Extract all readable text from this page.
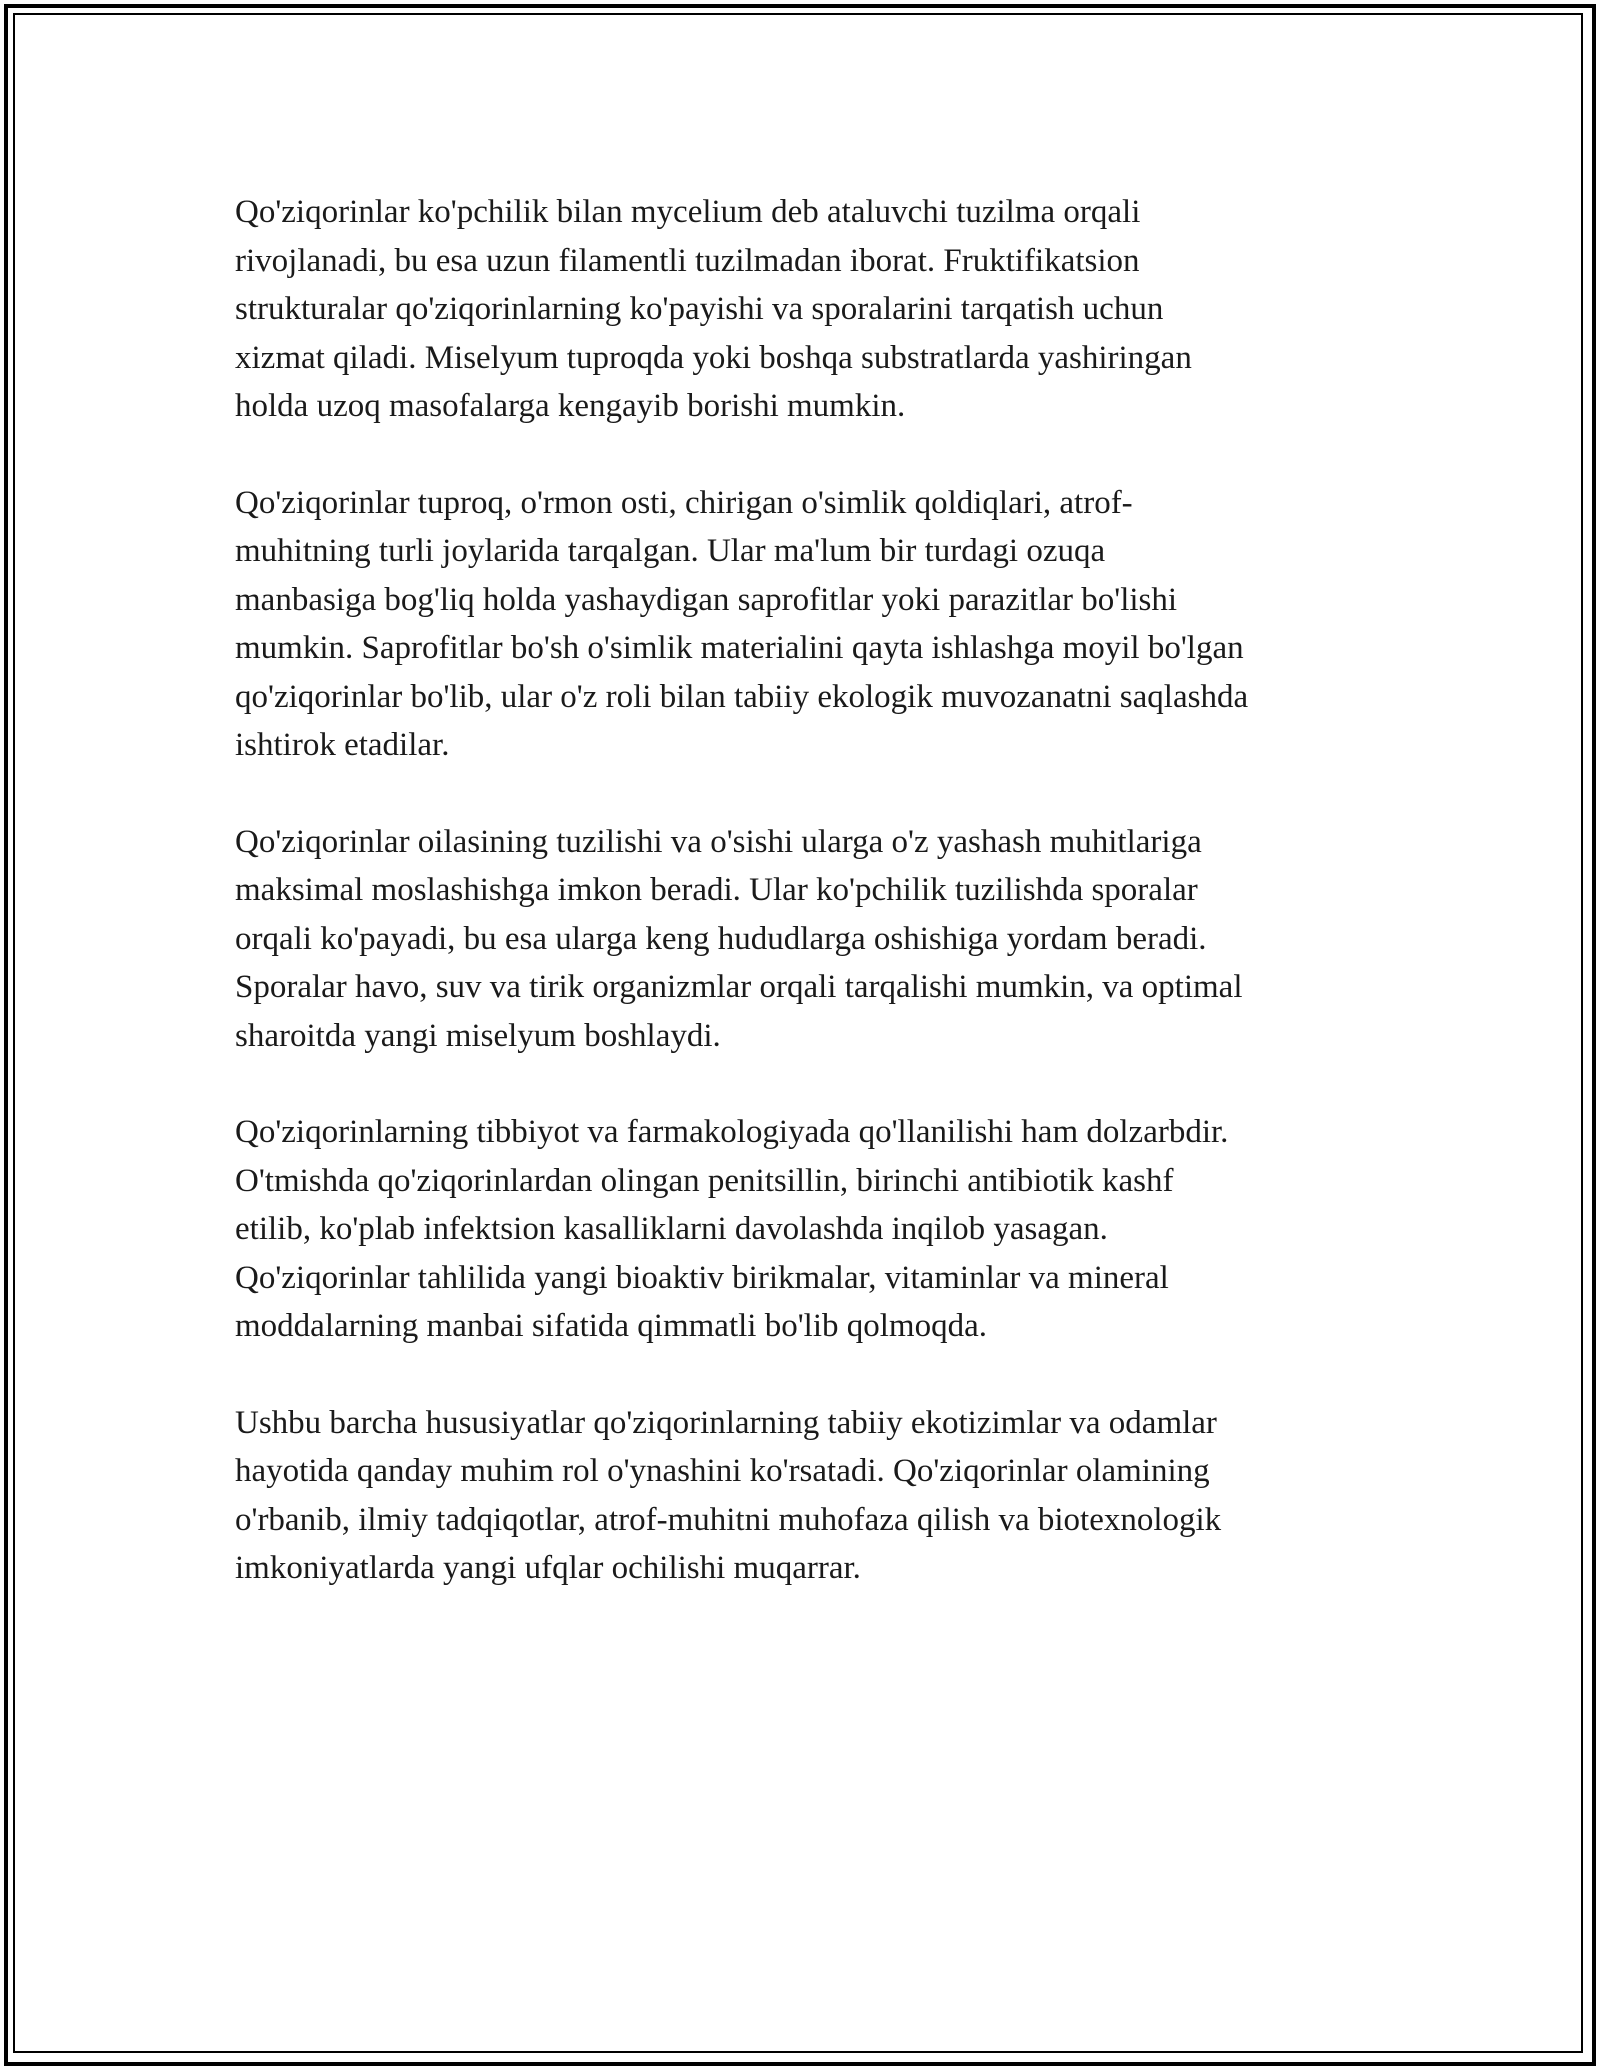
Qo'ziqorinlar ko'pchilik bilan mycelium deb ataluvchi tuzilma orqali
rivojlanadi, bu esa uzun filamentli tuzilmadan iborat. Fruktifikatsion
strukturalar qo'ziqorinlarning ko'payishi va sporalarini tarqatish uchun
xizmat qiladi. Miselyum tuproqda yoki boshqa substratlarda yashiringan
holda uzoq masofalarga kengayib borishi mumkin.

Qo'ziqorinlar tuproq, o'rmon osti, chirigan o'simlik qoldiqlari, atrof-
muhitning turli joylarida tarqalgan. Ular ma'lum bir turdagi ozuqa
manbasiga bog'liq holda yashaydigan saprofitlar yoki parazitlar bo'lishi
mumkin. Saprofitlar bo'sh o'simlik materialini qayta ishlashga moyil bo'lgan
qo'ziqorinlar bo'lib, ular o'z roli bilan tabiiy ekologik muvozanatni saqlashda
ishtirok etadilar.

Qo'ziqorinlar oilasining tuzilishi va o'sishi ularga o'z yashash muhitlariga
maksimal moslashishga imkon beradi. Ular ko'pchilik tuzilishda sporalar
orqali ko'payadi, bu esa ularga keng hududlarga oshishiga yordam beradi.
Sporalar havo, suv va tirik organizmlar orqali tarqalishi mumkin, va optimal
sharoitda yangi miselyum boshlaydi.

Qo'ziqorinlarning tibbiyot va farmakologiyada qo'llanilishi ham dolzarbdir.
O'tmishda qo'ziqorinlardan olingan penitsillin, birinchi antibiotik kashf
etilib, ko'plab infektsion kasalliklarni davolashda inqilob yasagan.
Qo'ziqorinlar tahlilida yangi bioaktiv birikmalar, vitaminlar va mineral
moddalarning manbai sifatida qimmatli bo'lib qolmoqda.

Ushbu barcha hususiyatlar qo'ziqorinlarning tabiiy ekotizimlar va odamlar
hayotida qanday muhim rol o'ynashini ko'rsatadi. Qo'ziqorinlar olamining
o'rbanib, ilmiy tadqiqotlar, atrof-muhitni muhofaza qilish va biotexnologik
imkoniyatlarda yangi ufqlar ochilishi muqarrar.
